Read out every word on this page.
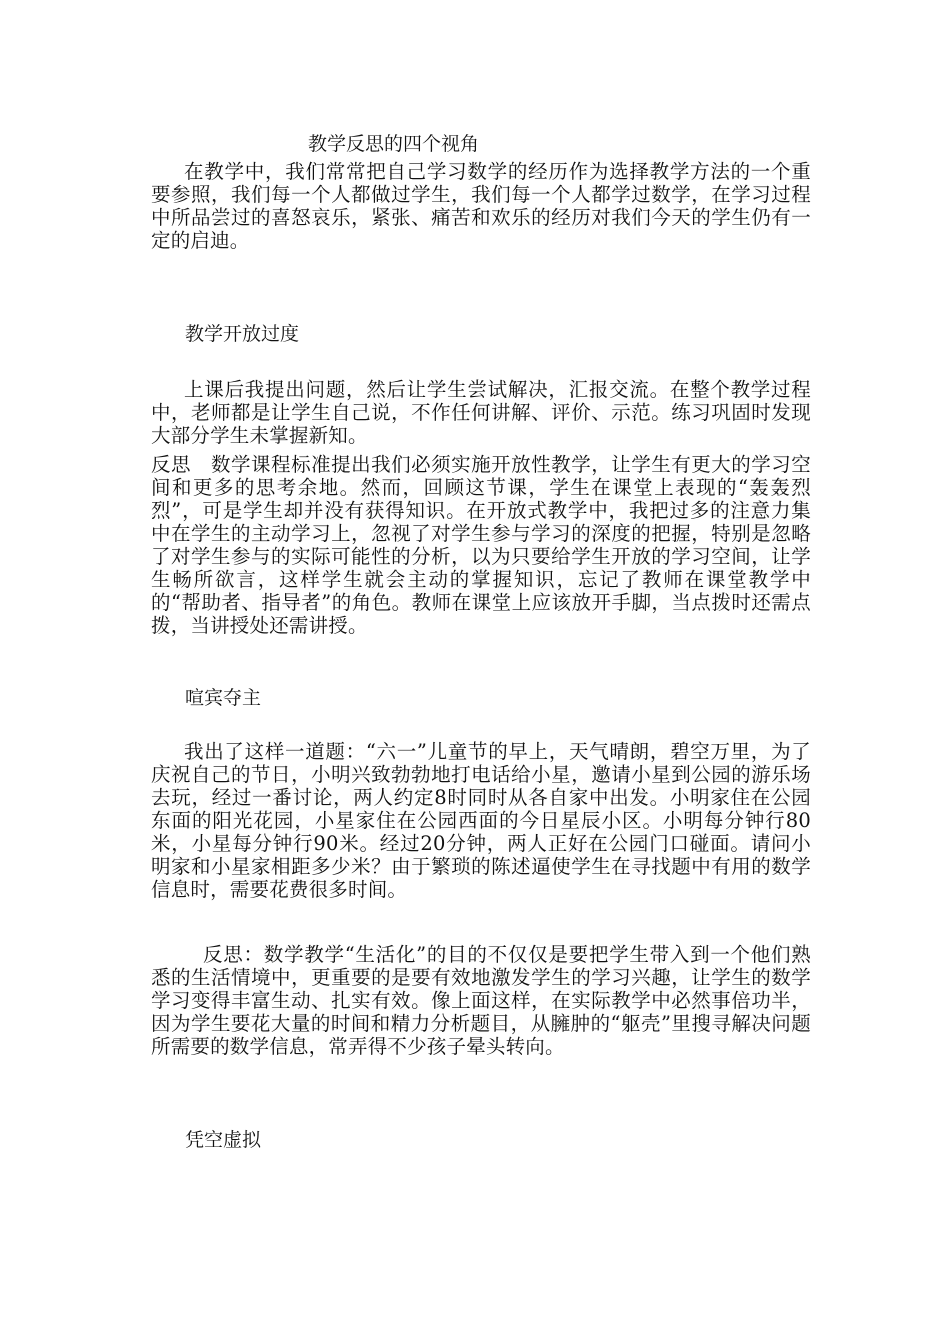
教学反思的四个视角

在教学中，我们常常把自己学习数学的经历作为选择教学方法的一个重要参照，我们每一个人都做过学生，我们每一个人都学过数学，在学习过程中所品尝过的喜怒哀乐，紧张、痛苦和欢乐的经历对我们今天的学生仍有一定的启迪。

教学开放过度

上课后我提出问题，然后让学生尝试解决，汇报交流。在整个教学过程中，老师都是让学生自己说，不作任何讲解、评价、示范。练习巩固时发现大部分学生未掌握新知。

反思　数学课程标准提出我们必须实施开放性教学，让学生有更大的学习空间和更多的思考余地。然而，回顾这节课，学生在课堂上表现的“轰轰烈烈”，可是学生却并没有获得知识。在开放式教学中，我把过多的注意力集中在学生的主动学习上，忽视了对学生参与学习的深度的把握，特别是忽略了对学生参与的实际可能性的分析，以为只要给学生开放的学习空间，让学生畅所欲言，这样学生就会主动的掌握知识，忘记了教师在课堂教学中的“帮助者、指导者”的角色。教师在课堂上应该放开手脚，当点拨时还需点拨，当讲授处还需讲授。

喧宾夺主

我出了这样一道题：“六一”儿童节的早上，天气晴朗，碧空万里，为了庆祝自己的节日，小明兴致勃勃地打电话给小星，邀请小星到公园的游乐场去玩，经过一番讨论，两人约定8时同时从各自家中出发。小明家住在公园东面的阳光花园，小星家住在公园西面的今日星辰小区。小明每分钟行80米，小星每分钟行90米。经过20分钟，两人正好在公园门口碰面。请问小明家和小星家相距多少米？由于繁琐的陈述逼使学生在寻找题中有用的数学信息时，需要花费很多时间。

反思：数学教学“生活化”的目的不仅仅是要把学生带入到一个他们熟悉的生活情境中，更重要的是要有效地激发学生的学习兴趣，让学生的数学学习变得丰富生动、扎实有效。像上面这样，在实际教学中必然事倍功半，因为学生要花大量的时间和精力分析题目，从臃肿的“躯壳”里搜寻解决问题所需要的数学信息，常弄得不少孩子晕头转向。

凭空虚拟
